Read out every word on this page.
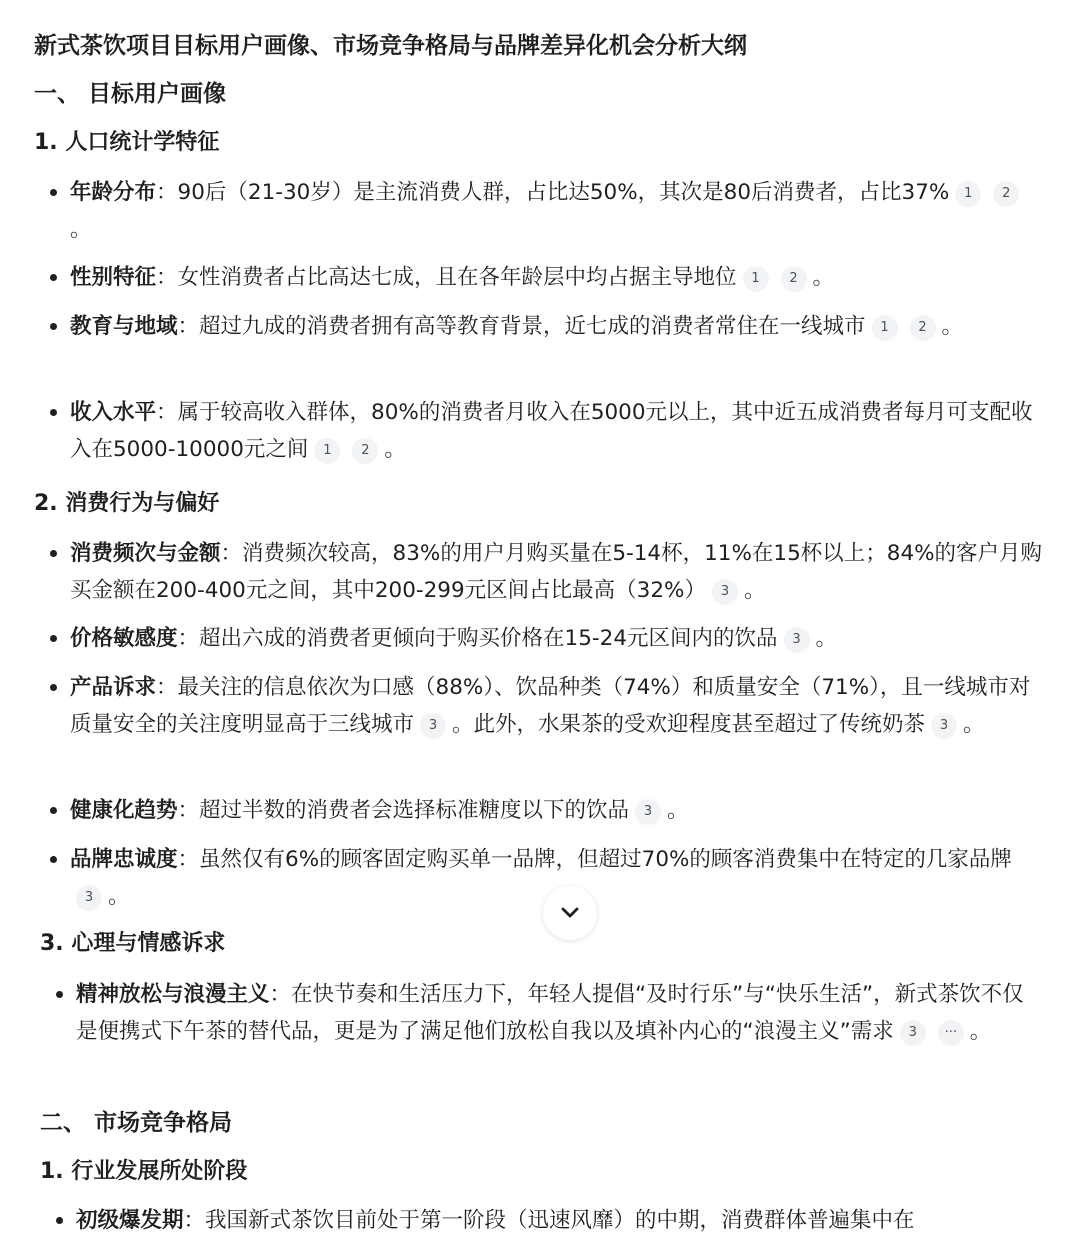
新式茶饮项目目标用户画像、市场竞争格局与品牌差异化机会分析大纲
一、 目标用户画像
1. 人口统计学特征
年龄分布：90后（21-30岁）是主流消费人群，占比达50%，其次是80后消费者，占比37% 1 2。
性别特征：女性消费者占比高达七成，且在各年龄层中均占据主导地位 1 2 。
教育与地域：超过九成的消费者拥有高等教育背景，近七成的消费者常住在一线城市 1 2 。
收入水平：属于较高收入群体，80%的消费者月收入在5000元以上，其中近五成消费者每月可支配收入在5000-10000元之间 1 2 。
2. 消费行为与偏好
消费频次与金额：消费频次较高，83%的用户月购买量在5-14杯，11%在15杯以上；84%的客户月购买金额在200-400元之间，其中200-299元区间占比最高（32%） 3 。
价格敏感度：超出六成的消费者更倾向于购买价格在15-24元区间内的饮品 3 。
产品诉求：最关注的信息依次为口感（88%）、饮品种类（74%）和质量安全（71%），且一线城市对质量安全的关注度明显高于三线城市 3 。此外，水果茶的受欢迎程度甚至超过了传统奶茶 3 。
健康化趋势：超过半数的消费者会选择标准糖度以下的饮品 3 。
品牌忠诚度：虽然仅有6%的顾客固定购买单一品牌，但超过70%的顾客消费集中在特定的几家品牌3 。
3. 心理与情感诉求
精神放松与浪漫主义：在快节奏和生活压力下，年轻人提倡“及时行乐”与“快乐生活”，新式茶饮不仅是便携式下午茶的替代品，更是为了满足他们放松自我以及填补内心的“浪漫主义”需求 3 ··· 。
二、 市场竞争格局
1. 行业发展所处阶段
初级爆发期：我国新式茶饮目前处于第一阶段（迅速风靡）的中期，消费群体普遍集中在
